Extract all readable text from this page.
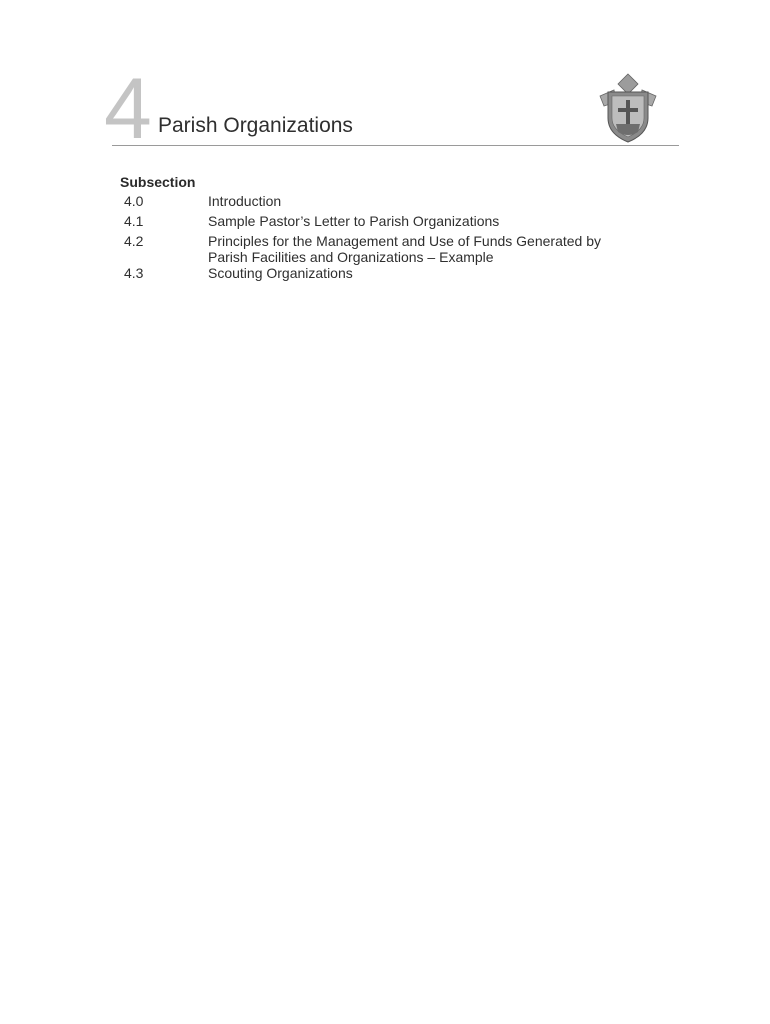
4 Parish Organizations
Subsection
4.0	Introduction
4.1	Sample Pastor’s Letter to Parish Organizations
4.2	Principles for the Management and Use of Funds Generated by Parish Facilities and Organizations – Example
4.3	Scouting Organizations
